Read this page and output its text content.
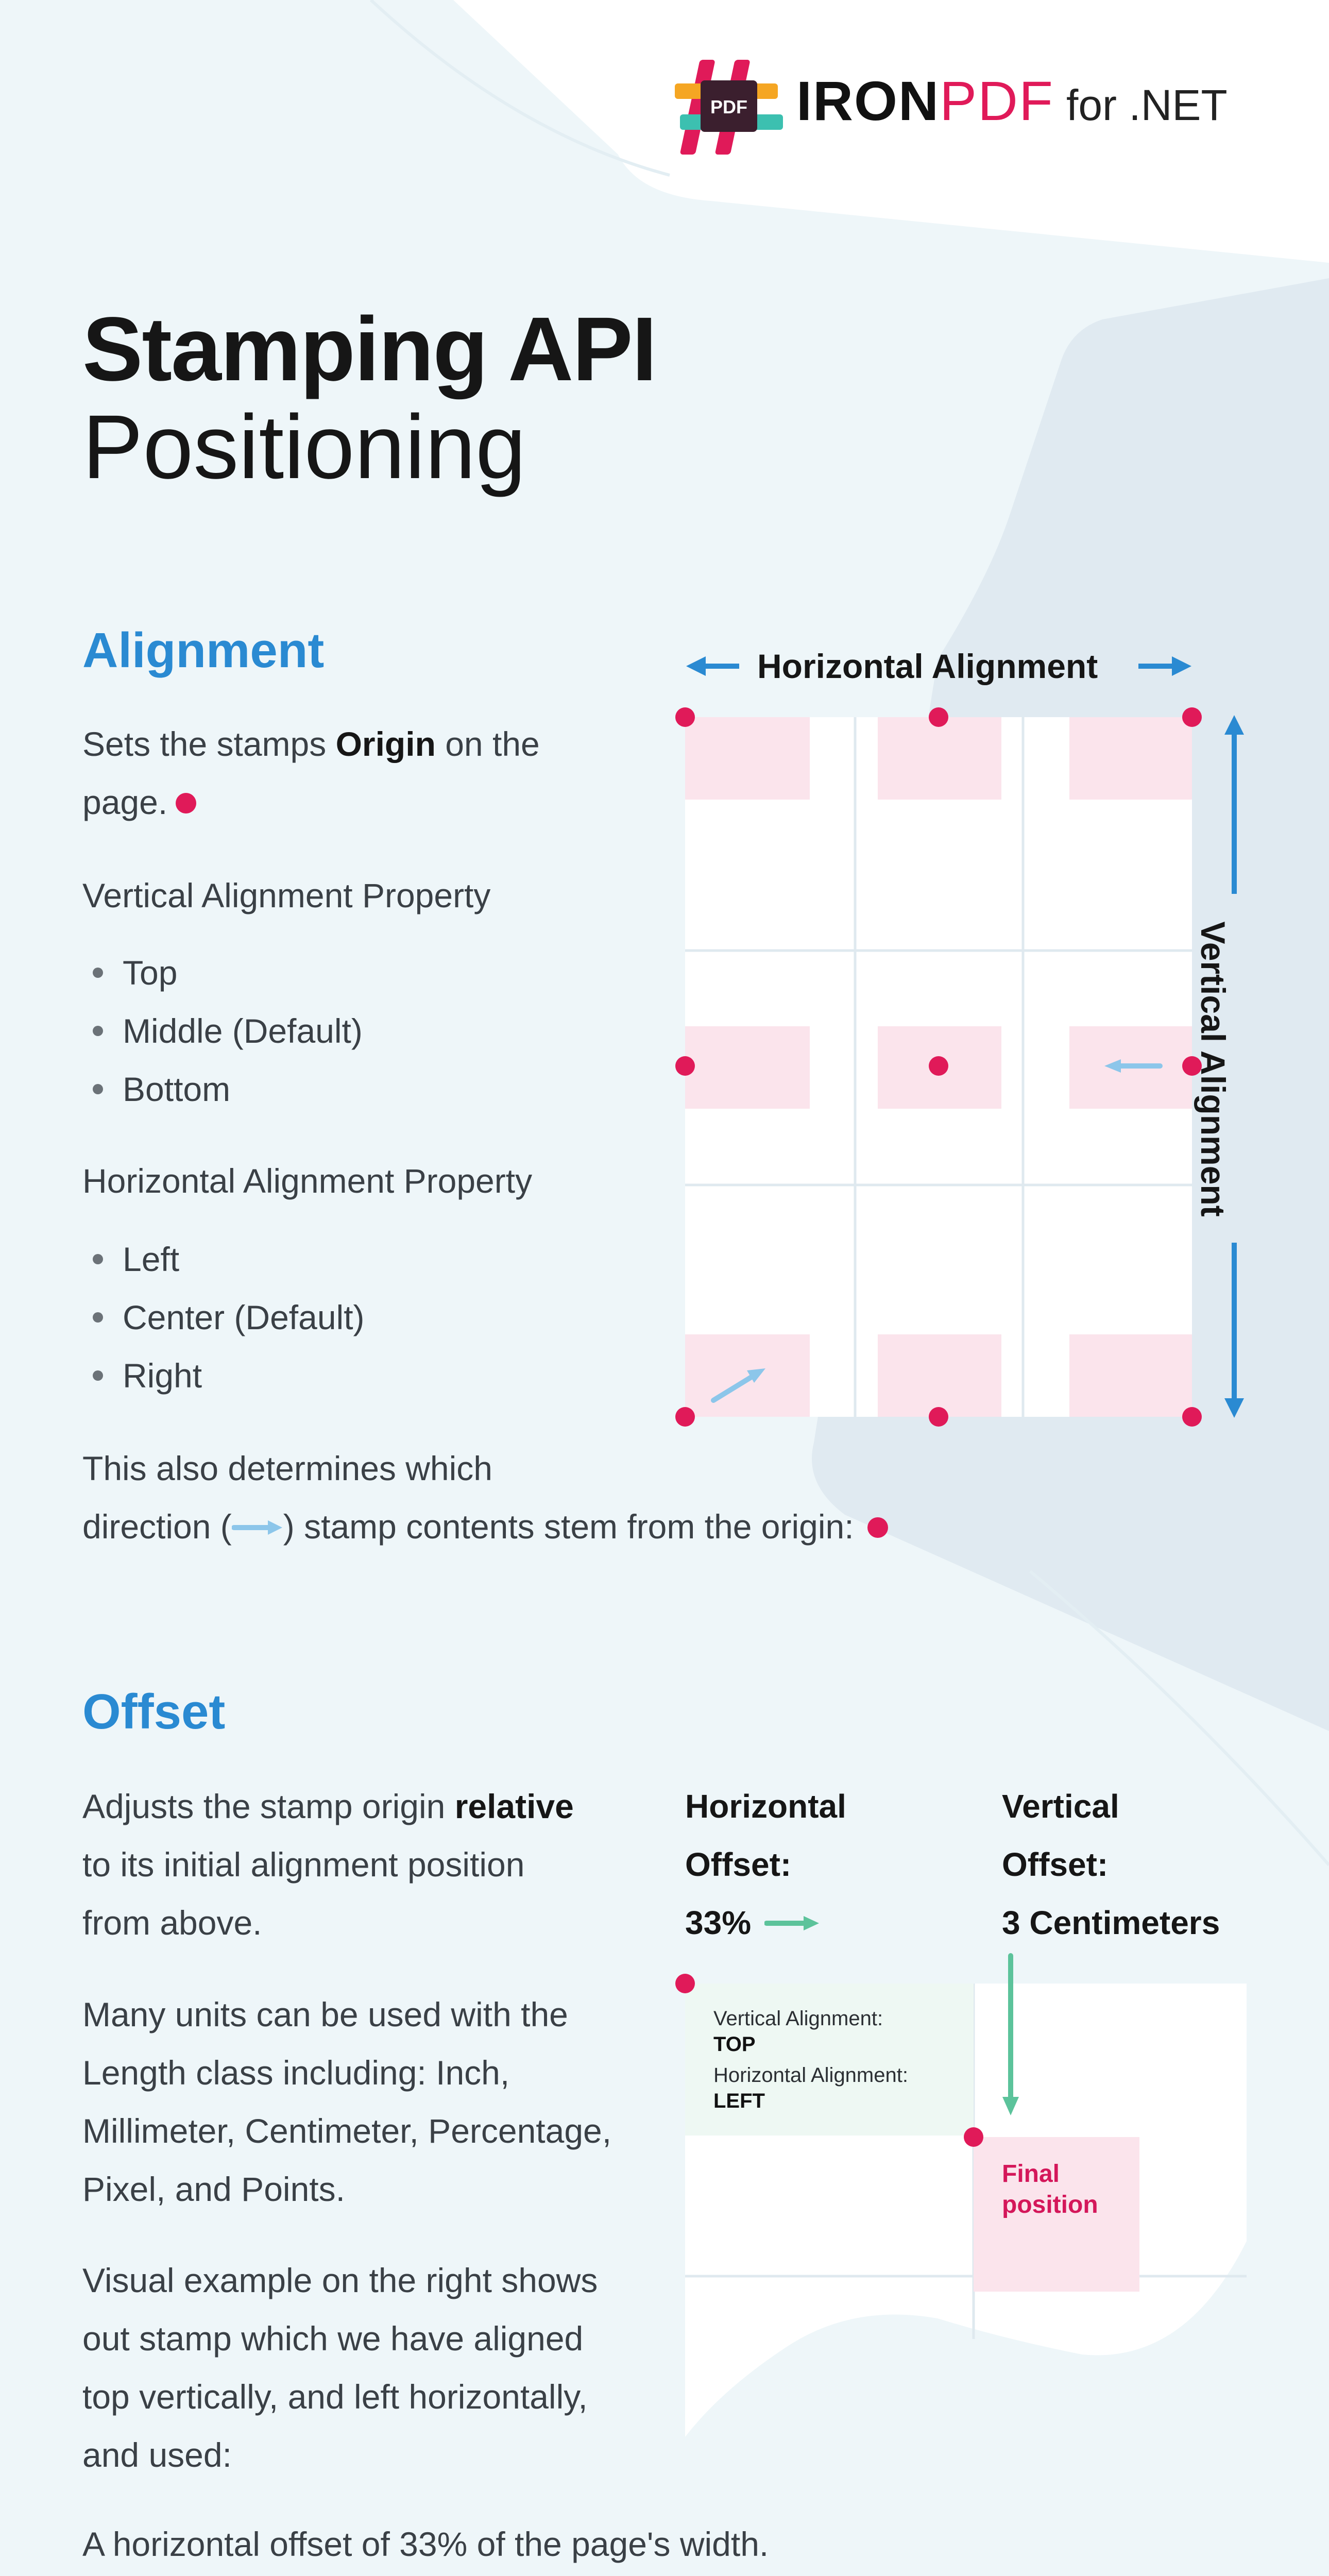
PDF IRONPDF for .NET
Stamping API
Positioning
Alignment
Sets the stamps Origin on the
page.
Vertical Alignment Property
Top
Middle (Default)
Bottom
Horizontal Alignment Property
Left
Center (Default)
Right
This also determines which
direction ( ) stamp contents stem from the origin:
Horizontal Alignment
Vertical Alignment
Offset
Adjusts the stamp origin relative
to its initial alignment position
from above.
Many units can be used with the
Length class including: Inch,
Millimeter, Centimeter, Percentage,
Pixel, and Points.
Visual example on the right shows
out stamp which we have aligned
top vertically, and left horizontally,
and used:
A horizontal offset of 33% of the page's width.
Horizontal
Offset:
33%
Vertical
Offset:
3 Centimeters
Vertical Alignment:
TOP
Horizontal Alignment:
LEFT
Final
position
